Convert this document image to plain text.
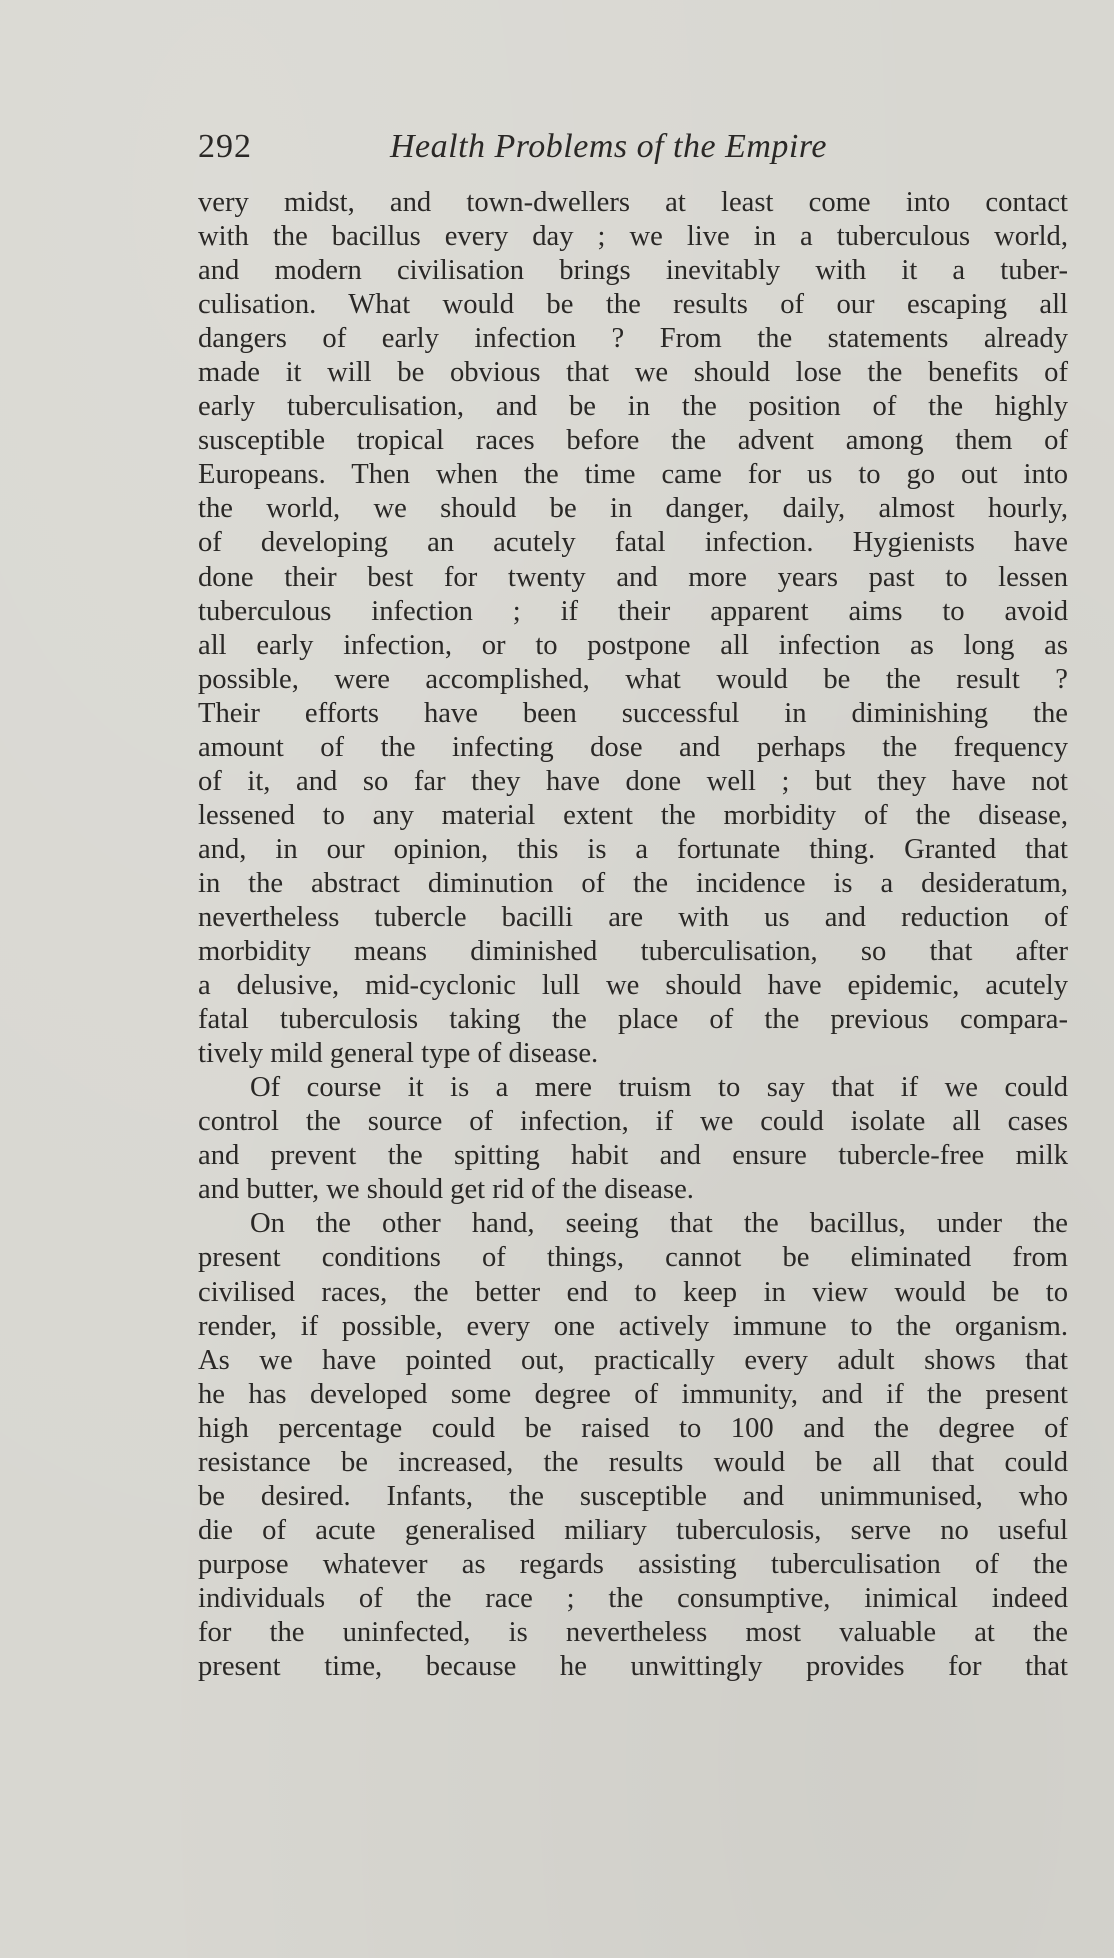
292	Health Problems of the Empire
very midst, and town-dwellers at least come into contact
with the bacillus every day ; we live in a tuberculous world,
and modern civilisation brings inevitably with it a tuber-
culisation. What would be the results of our escaping all
dangers of early infection ? From the statements already
made it will be obvious that we should lose the benefits of
early tuberculisation, and be in the position of the highly
susceptible tropical races before the advent among them of
Europeans. Then when the time came for us to go out into
the world, we should be in danger, daily, almost hourly,
of developing an acutely fatal infection. Hygienists have
done their best for twenty and more years past to lessen
tuberculous infection ; if their apparent aims to avoid
all early infection, or to postpone all infection as long as
possible, were accomplished, what would be the result ?
Their efforts have been successful in diminishing the
amount of the infecting dose and perhaps the frequency
of it, and so far they have done well ; but they have not
lessened to any material extent the morbidity of the disease,
and, in our opinion, this is a fortunate thing. Granted that
in the abstract diminution of the incidence is a desideratum,
nevertheless tubercle bacilli are with us and reduction of
morbidity means diminished tuberculisation, so that after
a delusive, mid-cyclonic lull we should have epidemic, acutely
fatal tuberculosis taking the place of the previous compara-
tively mild general type of disease.
Of course it is a mere truism to say that if we could
control the source of infection, if we could isolate all cases
and prevent the spitting habit and ensure tubercle-free milk
and butter, we should get rid of the disease.
On the other hand, seeing that the bacillus, under the
present conditions of things, cannot be eliminated from
civilised races, the better end to keep in view would be to
render, if possible, every one actively immune to the organism.
As we have pointed out, practically every adult shows that
he has developed some degree of immunity, and if the present
high percentage could be raised to 100 and the degree of
resistance be increased, the results would be all that could
be desired. Infants, the susceptible and unimmunised, who
die of acute generalised miliary tuberculosis, serve no useful
purpose whatever as regards assisting tuberculisation of the
individuals of the race ; the consumptive, inimical indeed
for the uninfected, is nevertheless most valuable at the
present time, because he unwittingly provides for that
